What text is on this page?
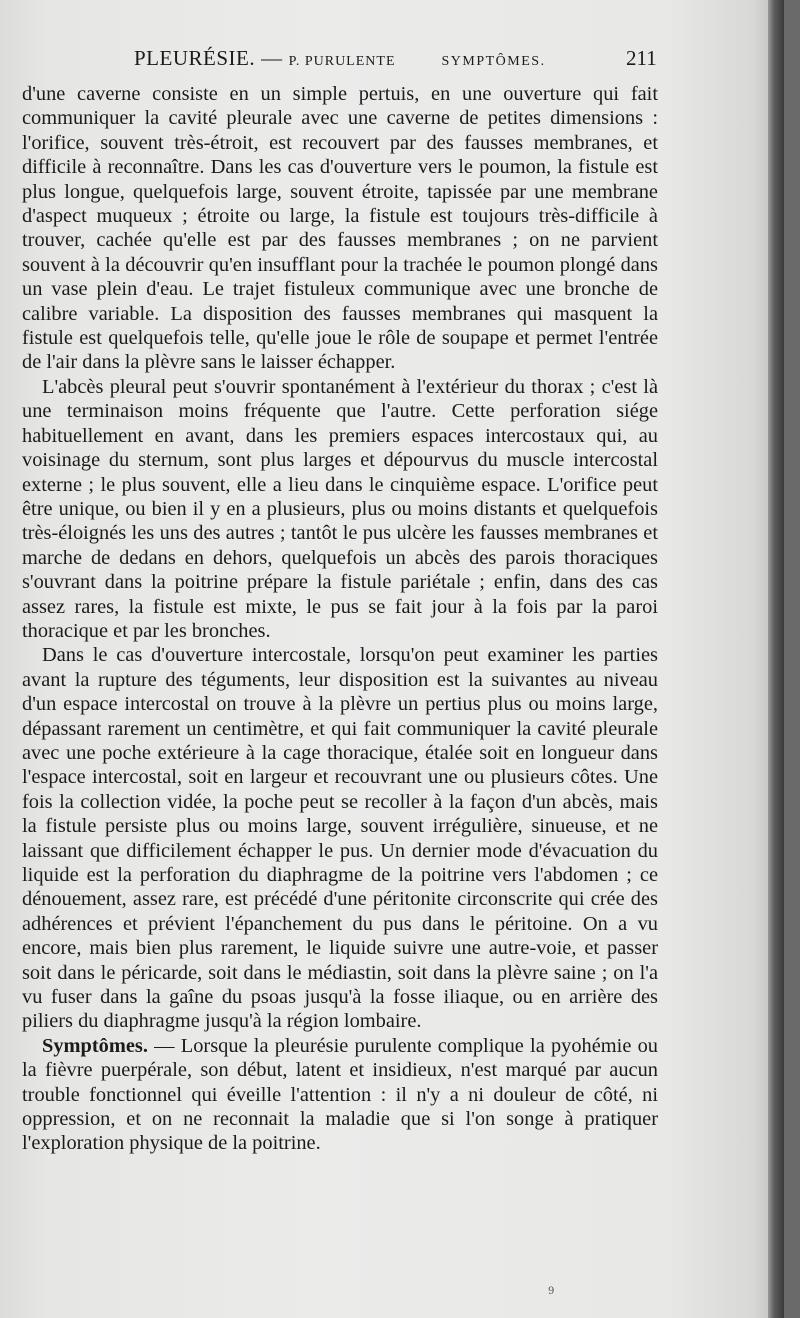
PLEURÉSIE. — P. PURULENTE	SYMPTÔMES.	211

d'une caverne consiste en un simple pertuis, en une ouverture qui fait communiquer la cavité pleurale avec une caverne de petites dimensions : l'orifice, souvent très-étroit, est recouvert par des fausses membranes, et difficile à reconnaître. Dans les cas d'ouverture vers le poumon, la fistule est plus longue, quelquefois large, souvent étroite, tapissée par une membrane d'aspect muqueux ; étroite ou large, la fistule est toujours très-difficile à trouver, cachée qu'elle est par des fausses membranes ; on ne parvient souvent à la découvrir qu'en insufflant pour la trachée le poumon plongé dans un vase plein d'eau. Le trajet fistuleux communique avec une bronche de calibre variable. La disposition des fausses membranes qui masquent la fistule est quelquefois telle, qu'elle joue le rôle de soupape et permet l'entrée de l'air dans la plèvre sans le laisser échapper.

L'abcès pleural peut s'ouvrir spontanément à l'extérieur du thorax ; c'est là une terminaison moins fréquente que l'autre. Cette perforation siége habituellement en avant, dans les premiers espaces intercostaux qui, au voisinage du sternum, sont plus larges et dépourvus du muscle intercostal externe ; le plus souvent, elle a lieu dans le cinquième espace. L'orifice peut être unique, ou bien il y en a plusieurs, plus ou moins distants et quelquefois très-éloignés les uns des autres ; tantôt le pus ulcère les fausses membranes et marche de dedans en dehors, quelquefois un abcès des parois thoraciques s'ouvrant dans la poitrine prépare la fistule pariétale ; enfin, dans des cas assez rares, la fistule est mixte, le pus se fait jour à la fois par la paroi thoracique et par les bronches.

Dans le cas d'ouverture intercostale, lorsqu'on peut examiner les parties avant la rupture des téguments, leur disposition est la suivantes au niveau d'un espace intercostal on trouve à la plèvre un pertius plus ou moins large, dépassant rarement un centimètre, et qui fait communiquer la cavité pleurale avec une poche extérieure à la cage thoracique, étalée soit en longueur dans l'espace intercostal, soit en largeur et recouvrant une ou plusieurs côtes. Une fois la collection vidée, la poche peut se recoller à la façon d'un abcès, mais la fistule persiste plus ou moins large, souvent irrégulière, sinueuse, et ne laissant que difficilement échapper le pus. Un dernier mode d'évacuation du liquide est la perforation du diaphragme de la poitrine vers l'abdomen ; ce dénouement, assez rare, est précédé d'une péritonite circonscrite qui crée des adhérences et prévient l'épanchement du pus dans le péritoine. On a vu encore, mais bien plus rarement, le liquide suivre une autre-voie, et passer soit dans le péricarde, soit dans le médiastin, soit dans la plèvre saine ; on l'a vu fuser dans la gaîne du psoas jusqu'à la fosse iliaque, ou en arrière des piliers du diaphragme jusqu'à la région lombaire.

Symptômes. — Lorsque la pleurésie purulente complique la pyohémie ou la fièvre puerpérale, son début, latent et insidieux, n'est marqué par aucun trouble fonctionnel qui éveille l'attention : il n'y a ni douleur de côté, ni oppression, et on ne reconnait la maladie que si l'on songe à pratiquer l'exploration physique de la poitrine.

9
